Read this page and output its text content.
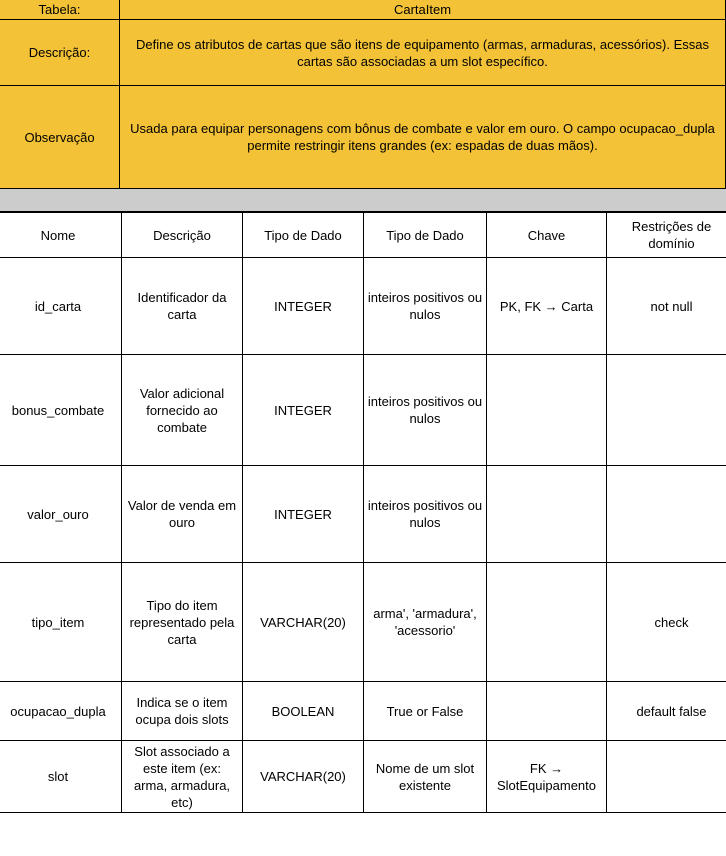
Tabela:	CartaItem
Descrição:
Define os atributos de cartas que são itens de equipamento (armas, armaduras, acessórios). Essas cartas são associadas a um slot específico.
Observação
Usada para equipar personagens com bônus de combate e valor em ouro. O campo ocupacao_dupla permite restringir itens grandes (ex: espadas de duas mãos).
Nome	Descrição	Tipo de Dado	Tipo de Dado	Chave	Restrições de domínio
id_carta	Identificador da carta	INTEGER	inteiros positivos ou nulos	PK, FK → Carta	not null
bonus_combate	Valor adicional fornecido ao combate	INTEGER	inteiros positivos ou nulos		
valor_ouro	Valor de venda em ouro	INTEGER	inteiros positivos ou nulos		
tipo_item	Tipo do item representado pela carta	VARCHAR(20)	arma', 'armadura', 'acessorio'		check
ocupacao_dupla	Indica se o item ocupa dois slots	BOOLEAN	True or False		default false
slot	Slot associado a este item (ex: arma, armadura, etc)	VARCHAR(20)	Nome de um slot existente	FK → SlotEquipamento	
